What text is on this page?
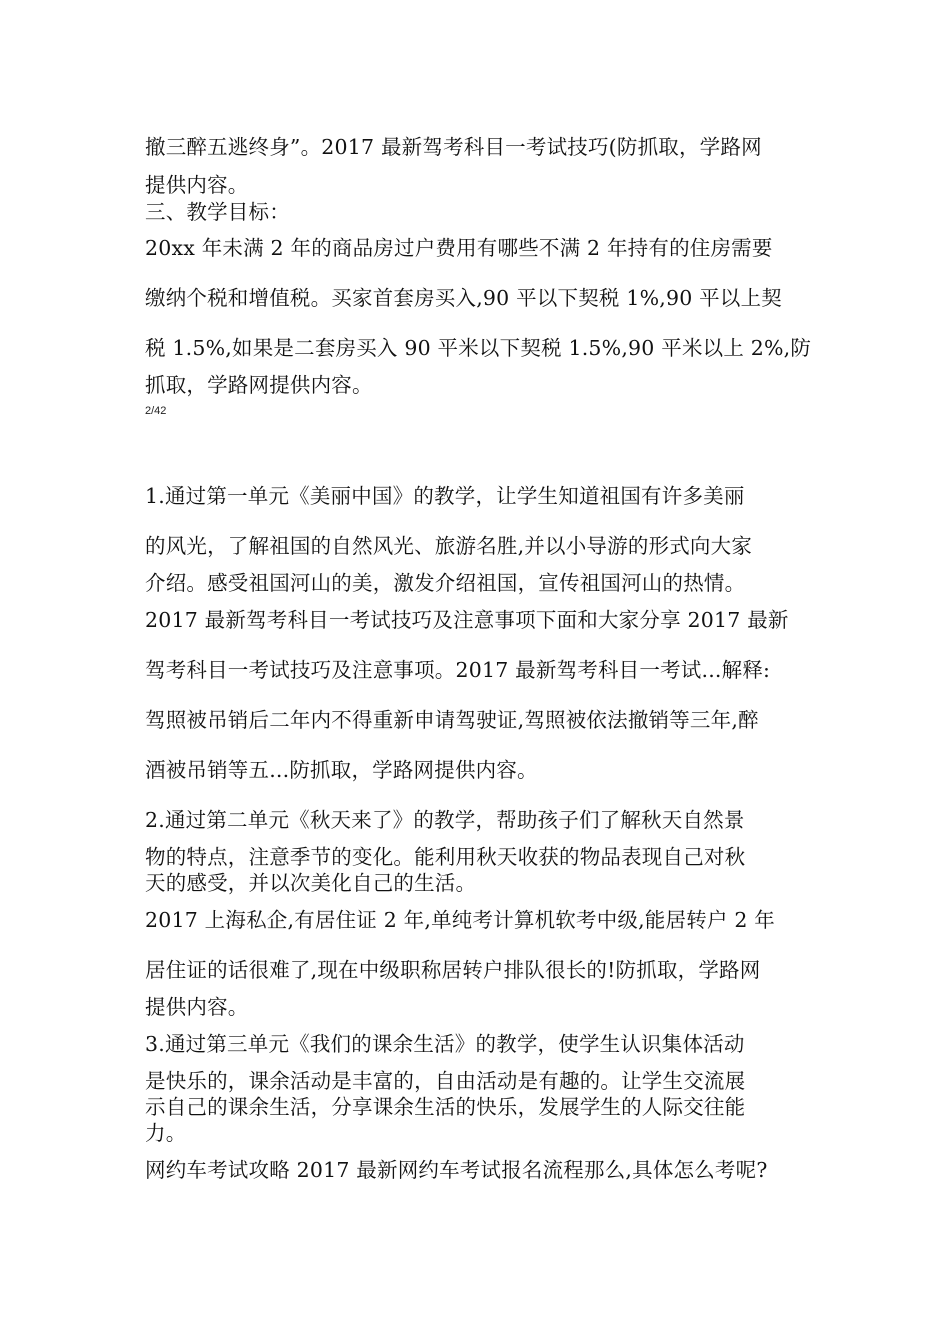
撤三醉五逃终身”。2017 最新驾考科目一考试技巧(防抓取，学路网
提供内容。
三、教学目标：
20xx 年未满 2 年的商品房过户费用有哪些不满 2 年持有的住房需要
缴纳个税和增值税。买家首套房买入,90 平以下契税 1%,90 平以上契
税 1.5%,如果是二套房买入 90 平米以下契税 1.5%,90 平米以上 2%,防
抓取，学路网提供内容。
2/42
1.通过第一单元《美丽中国》的教学，让学生知道祖国有许多美丽
的风光，了解祖国的自然风光、旅游名胜,并以小导游的形式向大家
介绍。感受祖国河山的美，激发介绍祖国，宣传祖国河山的热情。
2017 最新驾考科目一考试技巧及注意事项下面和大家分享 2017 最新
驾考科目一考试技巧及注意事项。2017 最新驾考科目一考试...解释:
驾照被吊销后二年内不得重新申请驾驶证,驾照被依法撤销等三年,醉
酒被吊销等五...防抓取，学路网提供内容。
2.通过第二单元《秋天来了》的教学，帮助孩子们了解秋天自然景
物的特点，注意季节的变化。能利用秋天收获的物品表现自己对秋
天的感受，并以次美化自己的生活。
2017 上海私企,有居住证 2 年,单纯考计算机软考中级,能居转户 2 年
居住证的话很难了,现在中级职称居转户排队很长的!防抓取，学路网
提供内容。
3.通过第三单元《我们的课余生活》的教学，使学生认识集体活动
是快乐的，课余活动是丰富的，自由活动是有趣的。让学生交流展
示自己的课余生活，分享课余生活的快乐，发展学生的人际交往能
力。
网约车考试攻略 2017 最新网约车考试报名流程那么,具体怎么考呢?
